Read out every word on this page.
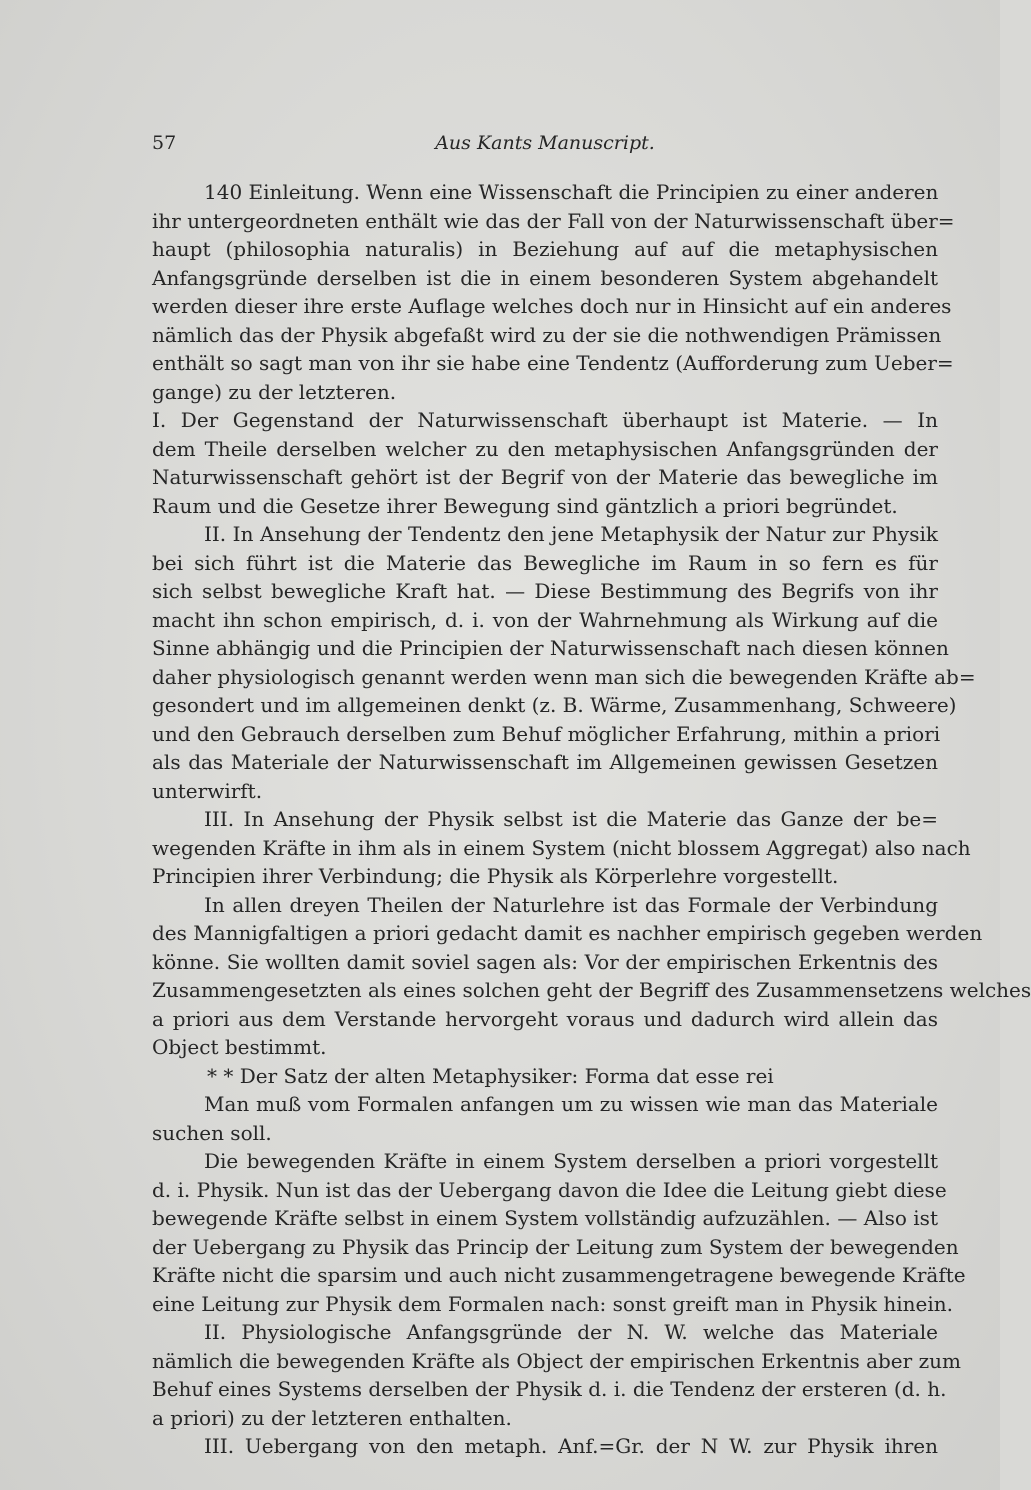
57	Aus Kants Manuscript.
140 Einleitung. Wenn eine Wissenschaft die Principien zu einer anderen
ihr untergeordneten enthält wie das der Fall von der Naturwissenschaft über=
haupt (philosophia naturalis) in Beziehung auf auf die metaphysischen
Anfangsgründe derselben ist die in einem besonderen System abgehandelt
werden dieser ihre erste Auflage welches doch nur in Hinsicht auf ein anderes
nämlich das der Physik abgefaßt wird zu der sie die nothwendigen Prämissen
enthält so sagt man von ihr sie habe eine Tendentz (Aufforderung zum Ueber=
gange) zu der letzteren.
I. Der Gegenstand der Naturwissenschaft überhaupt ist Materie. — In
dem Theile derselben welcher zu den metaphysischen Anfangsgründen der
Naturwissenschaft gehört ist der Begrif von der Materie das bewegliche im
Raum und die Gesetze ihrer Bewegung sind gäntzlich a priori begründet.
II. In Ansehung der Tendentz den jene Metaphysik der Natur zur Physik
bei sich führt ist die Materie das Bewegliche im Raum in so fern es für
sich selbst bewegliche Kraft hat. — Diese Bestimmung des Begrifs von ihr
macht ihn schon empirisch, d. i. von der Wahrnehmung als Wirkung auf die
Sinne abhängig und die Principien der Naturwissenschaft nach diesen können
daher physiologisch genannt werden wenn man sich die bewegenden Kräfte ab=
gesondert und im allgemeinen denkt (z. B. Wärme, Zusammenhang, Schweere)
und den Gebrauch derselben zum Behuf möglicher Erfahrung, mithin a priori
als das Materiale der Naturwissenschaft im Allgemeinen gewissen Gesetzen
unterwirft.
III. In Ansehung der Physik selbst ist die Materie das Ganze der be=
wegenden Kräfte in ihm als in einem System (nicht blossem Aggregat) also nach
Principien ihrer Verbindung; die Physik als Körperlehre vorgestellt.
In allen dreyen Theilen der Naturlehre ist das Formale der Verbindung
des Mannigfaltigen a priori gedacht damit es nachher empirisch gegeben werden
könne. Sie wollten damit soviel sagen als: Vor der empirischen Erkentnis des
Zusammengesetzten als eines solchen geht der Begriff des Zusammensetzens welches
a priori aus dem Verstande hervorgeht voraus und dadurch wird allein das
Object bestimmt.
* * Der Satz der alten Metaphysiker: Forma dat esse rei
Man muß vom Formalen anfangen um zu wissen wie man das Materiale
suchen soll.
Die bewegenden Kräfte in einem System derselben a priori vorgestellt
d. i. Physik. Nun ist das der Uebergang davon die Idee die Leitung giebt diese
bewegende Kräfte selbst in einem System vollständig aufzuzählen. — Also ist
der Uebergang zu Physik das Princip der Leitung zum System der bewegenden
Kräfte nicht die sparsim und auch nicht zusammengetragene bewegende Kräfte
eine Leitung zur Physik dem Formalen nach: sonst greift man in Physik hinein.
II. Physiologische Anfangsgründe der N. W. welche das Materiale
nämlich die bewegenden Kräfte als Object der empirischen Erkentnis aber zum
Behuf eines Systems derselben der Physik d. i. die Tendenz der ersteren (d. h.
a priori) zu der letzteren enthalten.
III. Uebergang von den metaph. Anf.=Gr. der N W. zur Physik ihren
